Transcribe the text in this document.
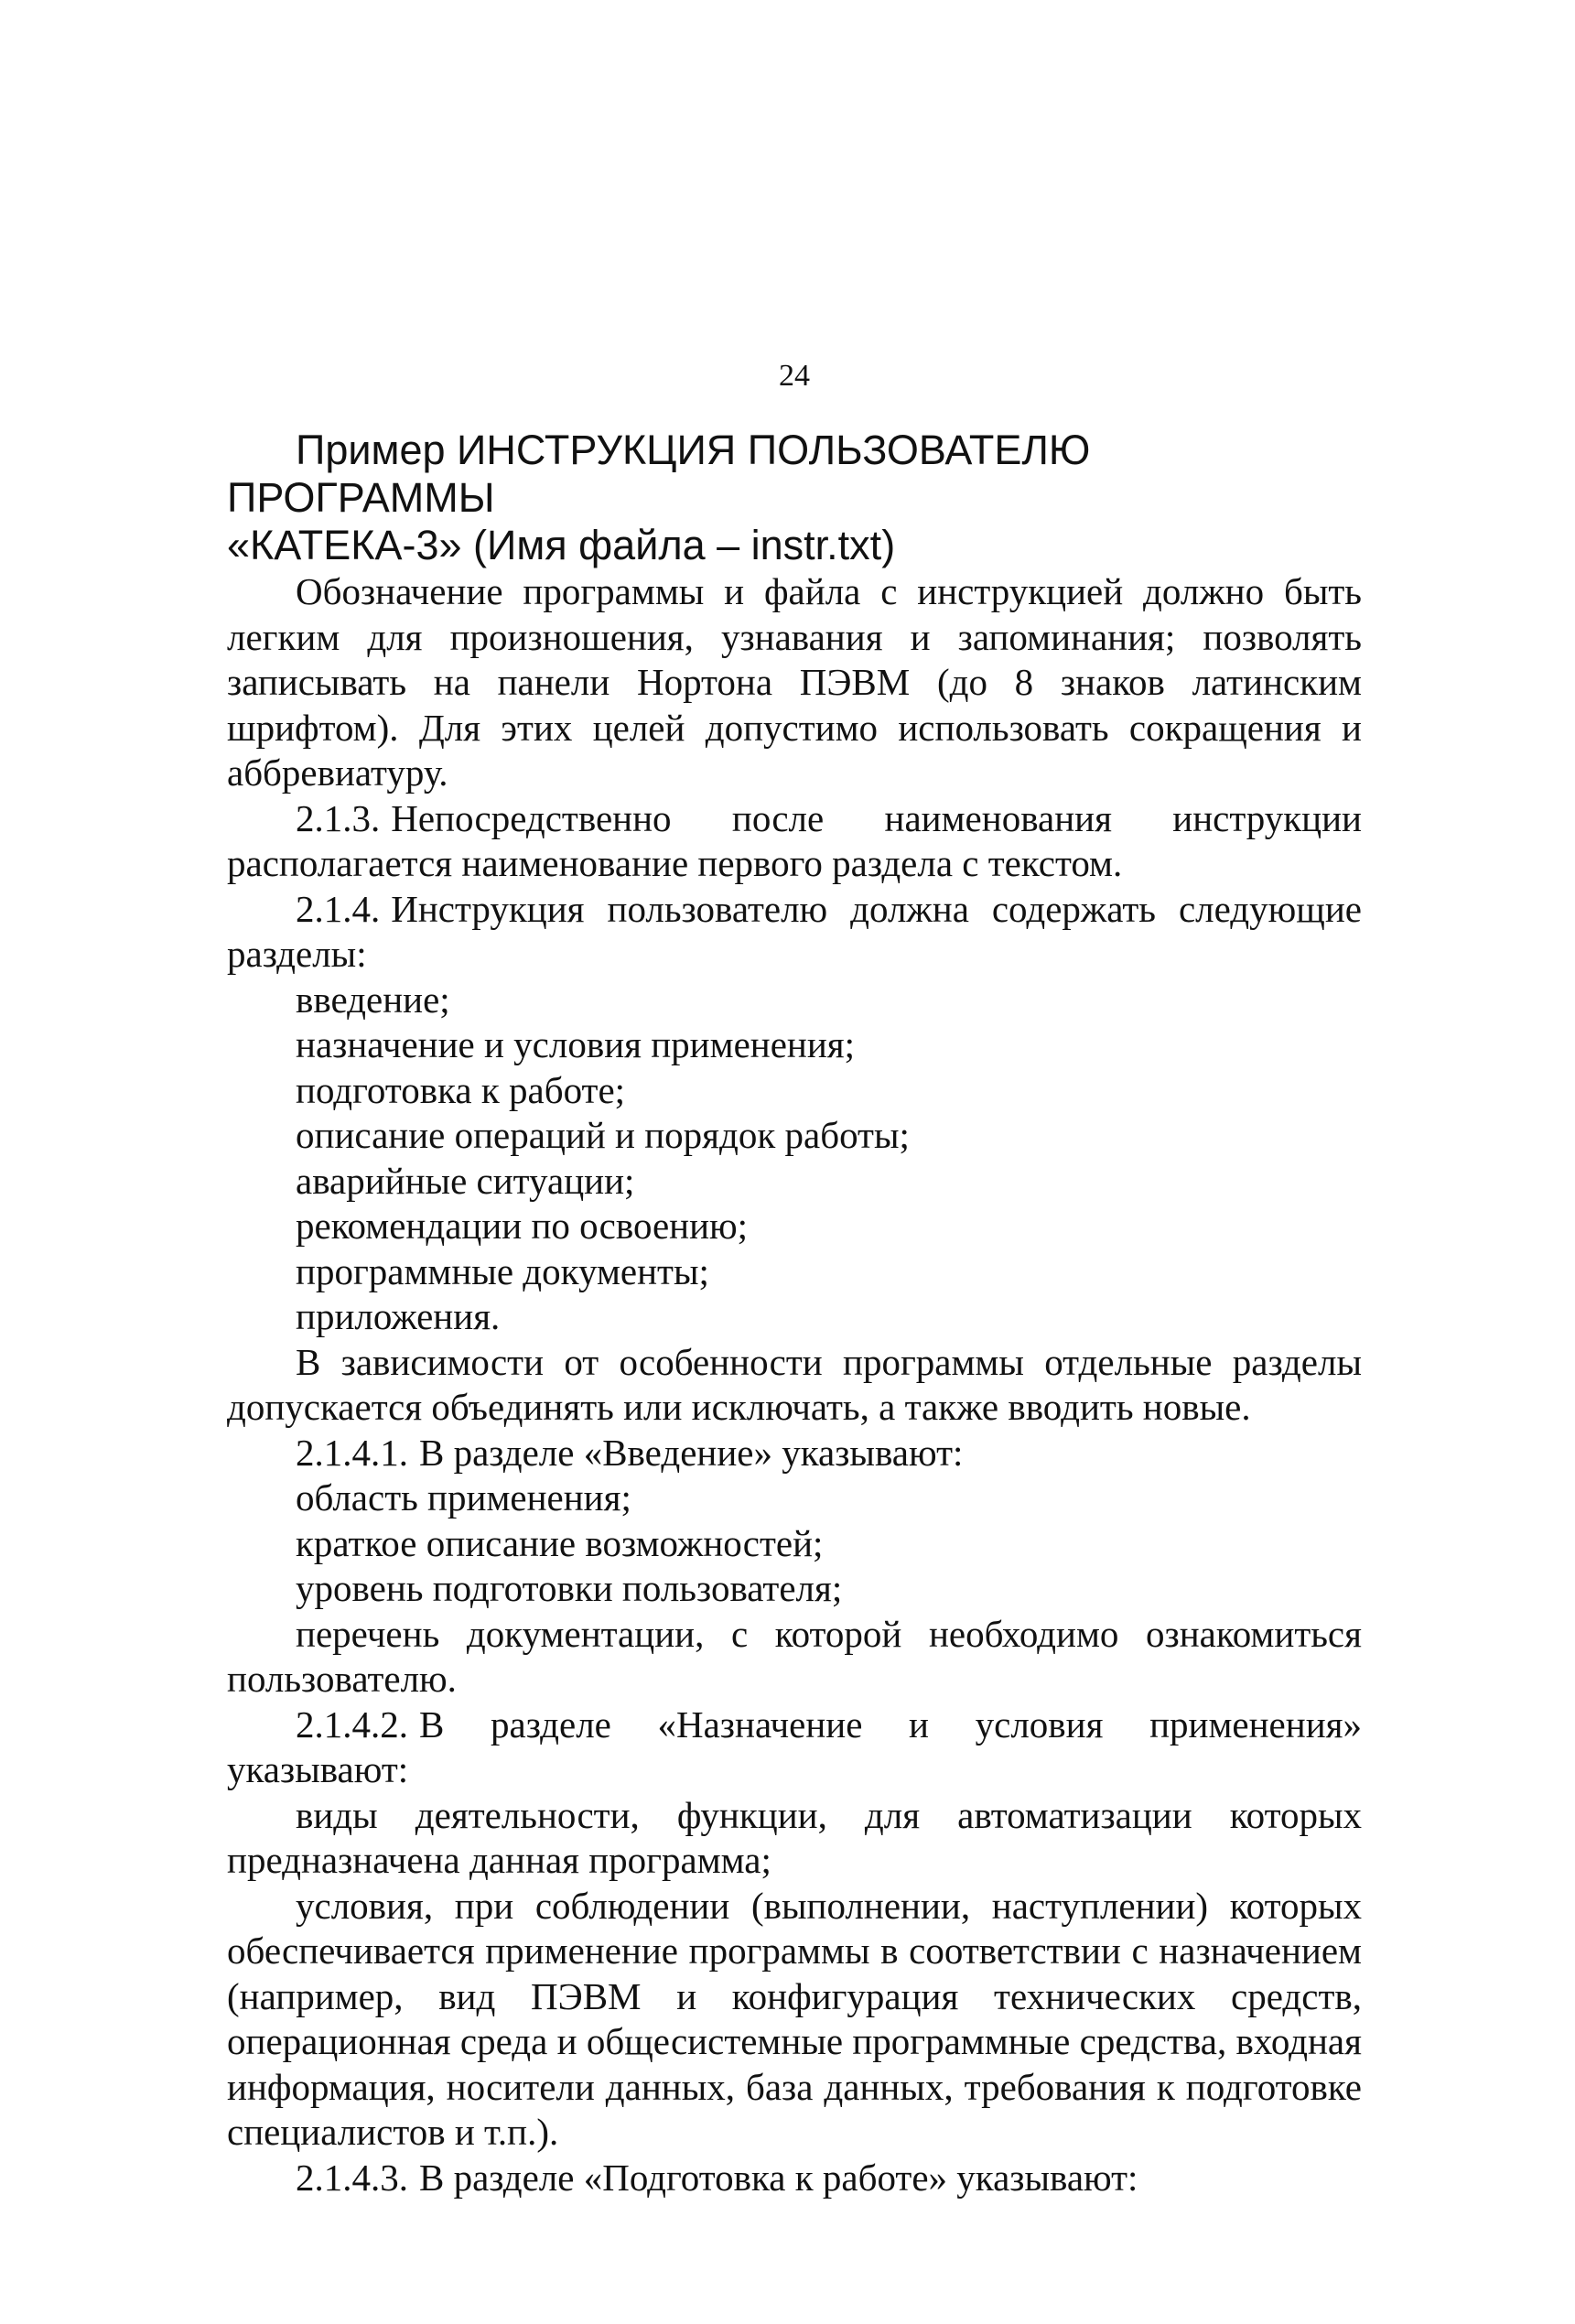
24
Пример ИНСТРУКЦИЯ ПОЛЬЗОВАТЕЛЮ ПРОГРАММЫ
«КАТЕКА-3» (Имя файла – instr.txt)

Обозначение программы и файла с инструкцией должно быть легким для произношения, узнавания и запоминания; позволять записывать на панели Нортона ПЭВМ (до 8 знаков латинским шрифтом). Для этих целей допустимо использовать сокращения и аббревиатуру.

2.1.3. Непосредственно после наименования инструкции располагается наименование первого раздела с текстом.

2.1.4. Инструкция пользователю должна содержать следующие разделы:

введение;

назначение и условия применения;

подготовка к работе;

описание операций и порядок работы;

аварийные ситуации;

рекомендации по освоению;

программные документы;

приложения.

В зависимости от особенности программы отдельные разделы допускается объединять или исключать, а также вводить новые.

2.1.4.1. В разделе «Введение» указывают:

область применения;

краткое описание возможностей;

уровень подготовки пользователя;

перечень документации, с которой необходимо ознакомиться пользователю.

2.1.4.2. В разделе «Назначение и условия применения» указывают:

виды деятельности, функции, для автоматизации которых предназначена данная программа;

условия, при соблюдении (выполнении, наступлении) которых обеспечивается применение программы в соответствии с назначением (например, вид ПЭВМ и конфигурация технических средств, операционная среда и общесистемные программные средства, входная информация, носители данных, база данных, требования к подготовке специалистов и т.п.).

2.1.4.3. В разделе «Подготовка к работе» указывают:
